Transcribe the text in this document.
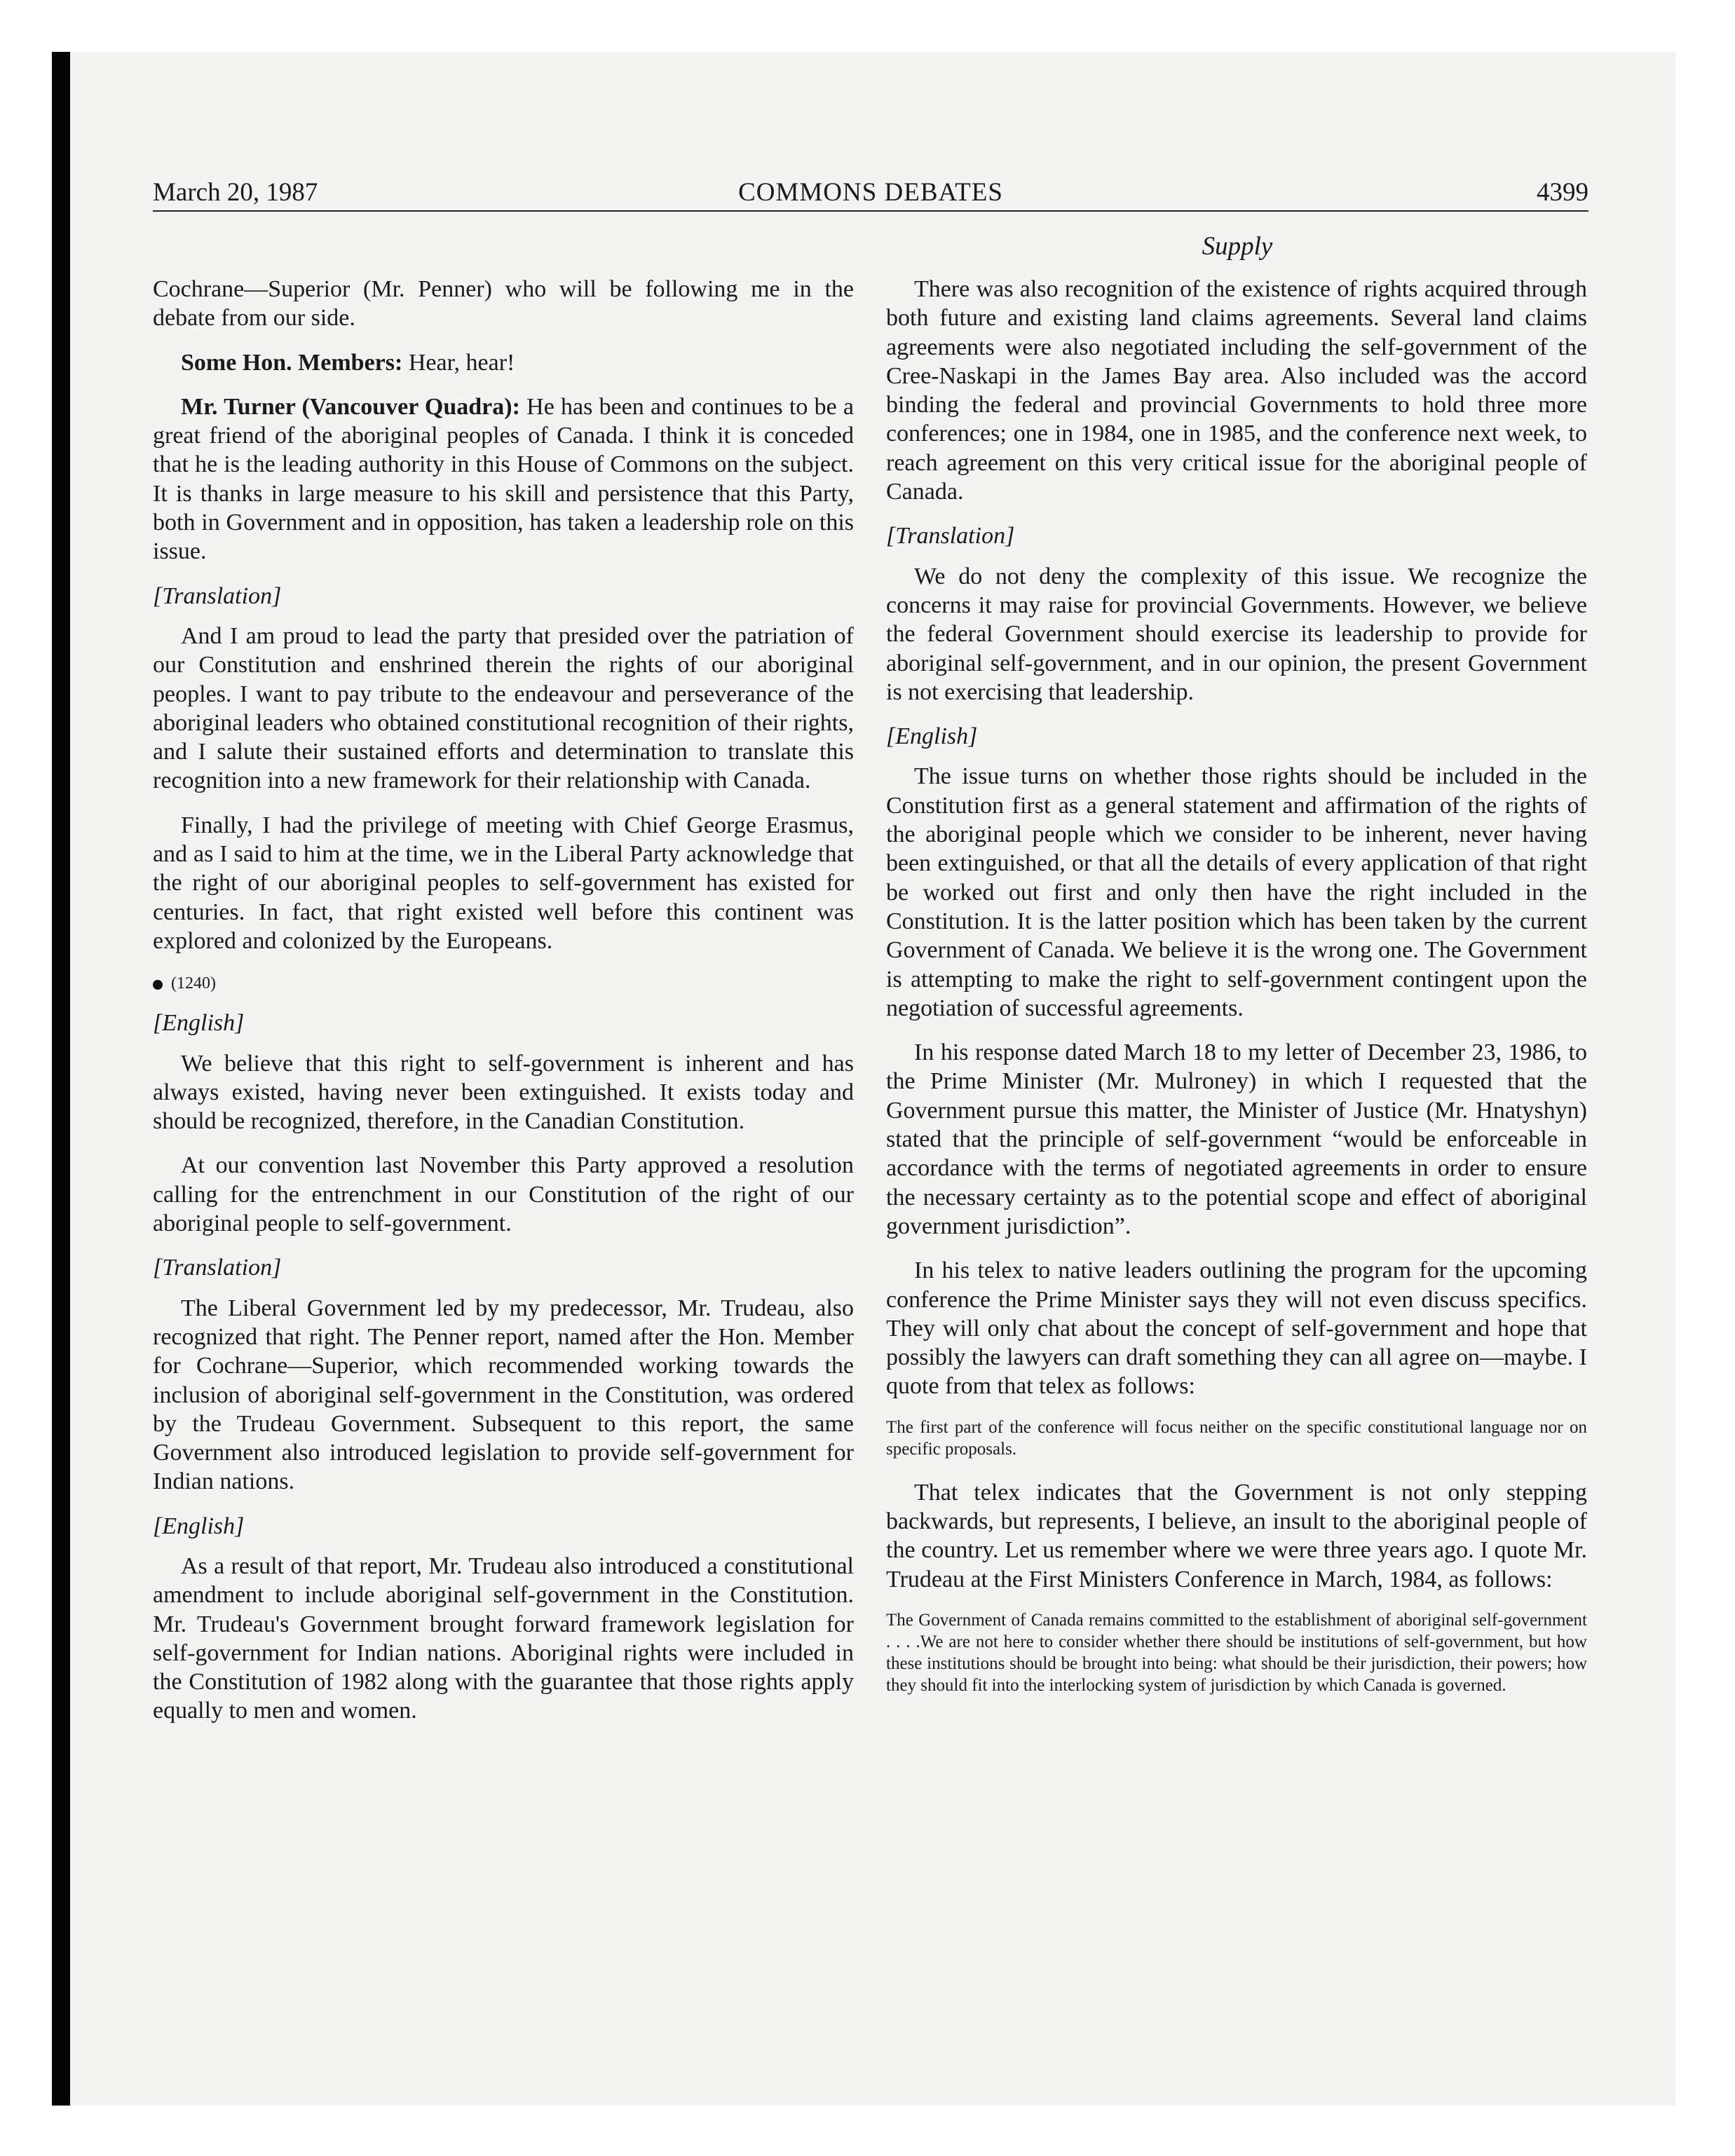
March 20, 1987	COMMONS DEBATES	4399
Supply

Cochrane—Superior (Mr. Penner) who will be following me in the debate from our side.

Some Hon. Members: Hear, hear!

Mr. Turner (Vancouver Quadra): He has been and continues to be a great friend of the aboriginal peoples of Canada. I think it is conceded that he is the leading authority in this House of Commons on the subject. It is thanks in large measure to his skill and persistence that this Party, both in Government and in opposition, has taken a leadership role on this issue.

[Translation]

And I am proud to lead the party that presided over the patriation of our Constitution and enshrined therein the rights of our aboriginal peoples. I want to pay tribute to the endeavour and perseverance of the aboriginal leaders who obtained constitutional recognition of their rights, and I salute their sustained efforts and determination to translate this recognition into a new framework for their relationship with Canada.

Finally, I had the privilege of meeting with Chief George Erasmus, and as I said to him at the time, we in the Liberal Party acknowledge that the right of our aboriginal peoples to self-government has existed for centuries. In fact, that right existed well before this continent was explored and colonized by the Europeans.

(1240)
[English]

We believe that this right to self-government is inherent and has always existed, having never been extinguished. It exists today and should be recognized, therefore, in the Canadian Constitution.

At our convention last November this Party approved a resolution calling for the entrenchment in our Constitution of the right of our aboriginal people to self-government.

[Translation]

The Liberal Government led by my predecessor, Mr. Trudeau, also recognized that right. The Penner report, named after the Hon. Member for Cochrane—Superior, which recommended working towards the inclusion of aboriginal self-government in the Constitution, was ordered by the Trudeau Government. Subsequent to this report, the same Government also introduced legislation to provide self-government for Indian nations.

[English]

As a result of that report, Mr. Trudeau also introduced a constitutional amendment to include aboriginal self-government in the Constitution. Mr. Trudeau's Government brought forward framework legislation for self-government for Indian nations. Aboriginal rights were included in the Constitution of 1982 along with the guarantee that those rights apply equally to men and women.

There was also recognition of the existence of rights acquired through both future and existing land claims agreements. Several land claims agreements were also negotiated including the self-government of the Cree-Naskapi in the James Bay area. Also included was the accord binding the federal and provincial Governments to hold three more conferences; one in 1984, one in 1985, and the conference next week, to reach agreement on this very critical issue for the aboriginal people of Canada.

[Translation]

We do not deny the complexity of this issue. We recognize the concerns it may raise for provincial Governments. However, we believe the federal Government should exercise its leadership to provide for aboriginal self-government, and in our opinion, the present Government is not exercising that leadership.

[English]

The issue turns on whether those rights should be included in the Constitution first as a general statement and affirmation of the rights of the aboriginal people which we consider to be inherent, never having been extinguished, or that all the details of every application of that right be worked out first and only then have the right included in the Constitution. It is the latter position which has been taken by the current Government of Canada. We believe it is the wrong one. The Government is attempting to make the right to self-government contingent upon the negotiation of successful agreements.

In his response dated March 18 to my letter of December 23, 1986, to the Prime Minister (Mr. Mulroney) in which I requested that the Government pursue this matter, the Minister of Justice (Mr. Hnatyshyn) stated that the principle of self-government “would be enforceable in accordance with the terms of negotiated agreements in order to ensure the necessary certainty as to the potential scope and effect of aboriginal government jurisdiction”.

In his telex to native leaders outlining the program for the upcoming conference the Prime Minister says they will not even discuss specifics. They will only chat about the concept of self-government and hope that possibly the lawyers can draft something they can all agree on—maybe. I quote from that telex as follows:

The first part of the conference will focus neither on the specific constitutional language nor on specific proposals.

That telex indicates that the Government is not only stepping backwards, but represents, I believe, an insult to the aboriginal people of the country. Let us remember where we were three years ago. I quote Mr. Trudeau at the First Ministers Conference in March, 1984, as follows:

The Government of Canada remains committed to the establishment of aboriginal self-government . . . .We are not here to consider whether there should be institutions of self-government, but how these institutions should be brought into being: what should be their jurisdiction, their powers; how they should fit into the interlocking system of jurisdiction by which Canada is governed.
